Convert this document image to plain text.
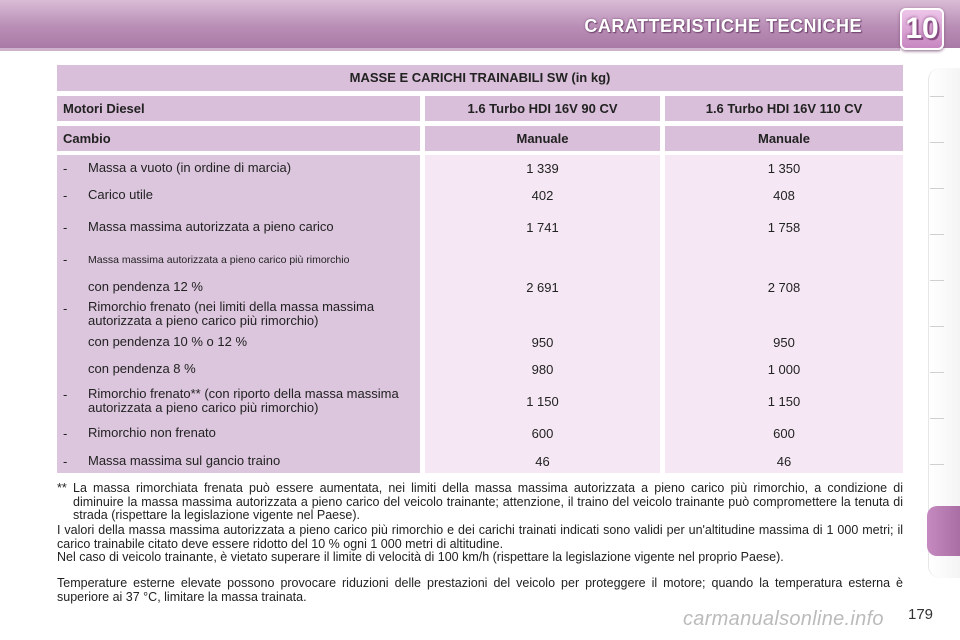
CARATTERISTICHE TECNICHE 10
MASSE E CARICHI TRAINABILI SW (in kg)
Motori Diesel	1.6 Turbo HDI 16V 90 CV	1.6 Turbo HDI 16V 110 CV
Cambio	Manuale	Manuale
- Massa a vuoto (in ordine di marcia)	1 339	1 350
- Carico utile	402	408
- Massa massima autorizzata a pieno carico	1 741	1 758
- Massa massima autorizzata a pieno carico più rimorchio
con pendenza 12 %	2 691	2 708
- Rimorchio frenato (nei limiti della massa massima autorizzata a pieno carico più rimorchio)
con pendenza 10 % o 12 %	950	950
con pendenza 8 %	980	1 000
- Rimorchio frenato** (con riporto della massa massima autorizzata a pieno carico più rimorchio)	1 150	1 150
- Rimorchio non frenato	600	600
- Massa massima sul gancio traino	46	46
** La massa rimorchiata frenata può essere aumentata, nei limiti della massa massima autorizzata a pieno carico più rimorchio, a condizione di diminuire la massa massima autorizzata a pieno carico del veicolo trainante; attenzione, il traino del veicolo trainante può compromettere la tenuta di strada (rispettare la legislazione vigente nel Paese).
I valori della massa massima autorizzata a pieno carico più rimorchio e dei carichi trainati indicati sono validi per un'altitudine massima di 1 000 metri; il carico trainabile citato deve essere ridotto del 10 % ogni 1 000 metri di altitudine.
Nel caso di veicolo trainante, è vietato superare il limite di velocità di 100 km/h (rispettare la legislazione vigente nel proprio Paese).
Temperature esterne elevate possono provocare riduzioni delle prestazioni del veicolo per proteggere il motore; quando la temperatura esterna è superiore ai 37 °C, limitare la massa trainata.
carmanualsonline.info 179
